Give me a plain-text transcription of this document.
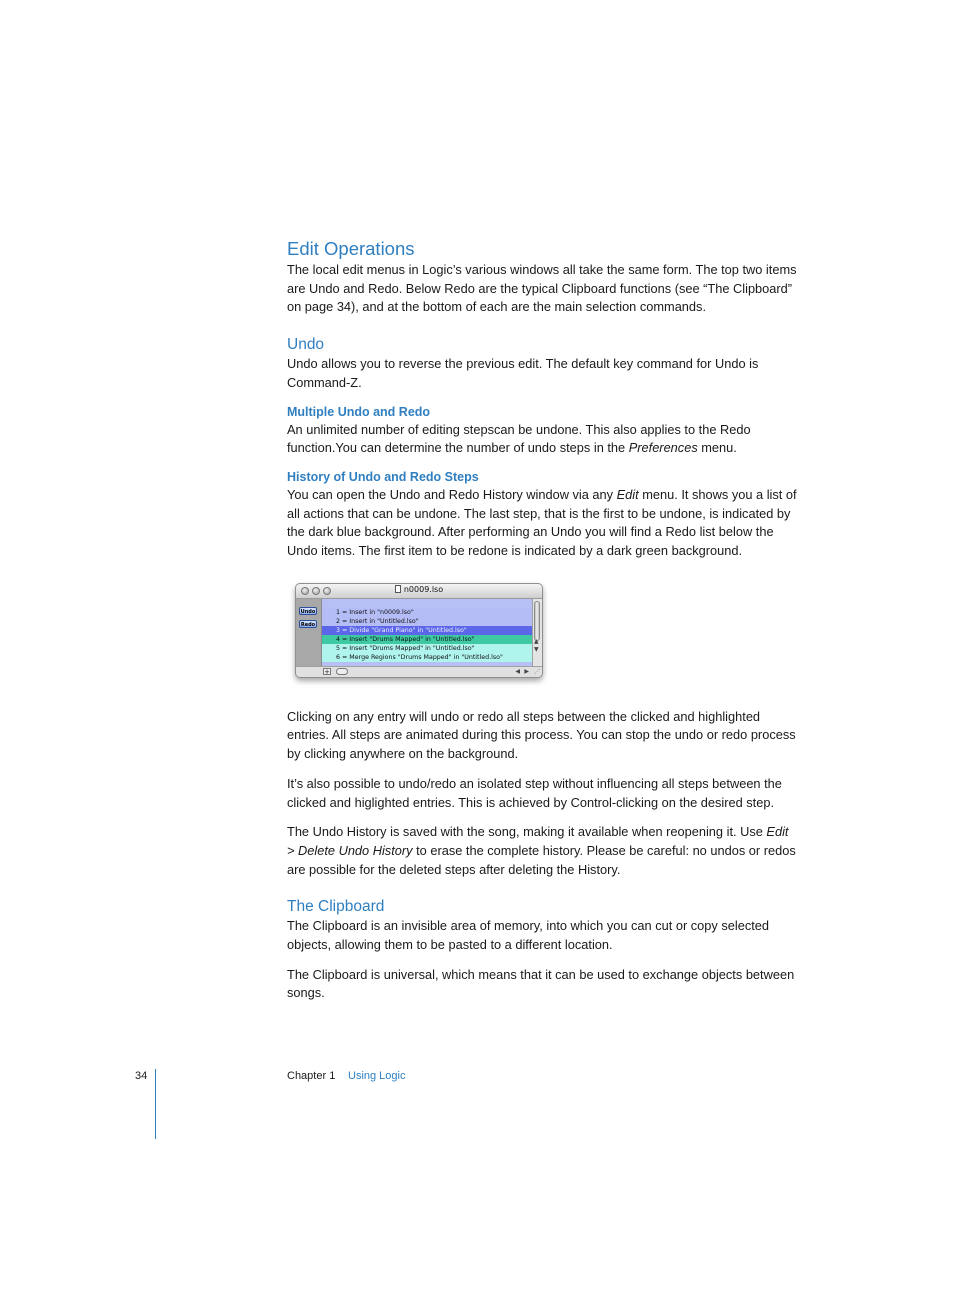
Edit Operations

The local edit menus in Logic’s various windows all take the same form. The top two items are Undo and Redo. Below Redo are the typical Clipboard functions (see “The Clipboard” on page 34), and at the bottom of each are the main selection commands.

Undo

Undo allows you to reverse the previous edit. The default key command for Undo is Command-Z.

Multiple Undo and Redo

An unlimited number of editing stepscan be undone. This also applies to the Redo function.You can determine the number of undo steps in the Preferences menu.

History of Undo and Redo Steps

You can open the Undo and Redo History window via any Edit menu. It shows you a list of all actions that can be undone. The last step, that is the first to be undone, is indicated by the dark blue background. After performing an Undo you will find a Redo list below the Undo items. The first item to be redone is indicated by a dark green background.

n0009.lso
Undo
Redo
1 = Insert in "n0009.lso"
2 = Insert in "Untitled.lso"
3 = Divide "Grand Piano" in "Untitled.lso"
4 = Insert "Drums Mapped" in "Untitled.lso"
5 = Insert "Drums Mapped" in "Untitled.lso"
6 = Merge Regions "Drums Mapped" in "Untitled.lso"
▲
▼
+	◀ ▶ ⋰

Clicking on any entry will undo or redo all steps between the clicked and highlighted entries. All steps are animated during this process. You can stop the undo or redo process by clicking anywhere on the background.

It’s also possible to undo/redo an isolated step without influencing all steps between the clicked and higlighted entries. This is achieved by Control-clicking on the desired step.

The Undo History is saved with the song, making it available when reopening it. Use Edit > Delete Undo History to erase the complete history. Please be careful: no undos or redos are possible for the deleted steps after deleting the History.

The Clipboard

The Clipboard is an invisible area of memory, into which you can cut or copy selected objects, allowing them to be pasted to a different location.

The Clipboard is universal, which means that it can be used to exchange objects between songs.

34	Chapter 1 Using Logic
